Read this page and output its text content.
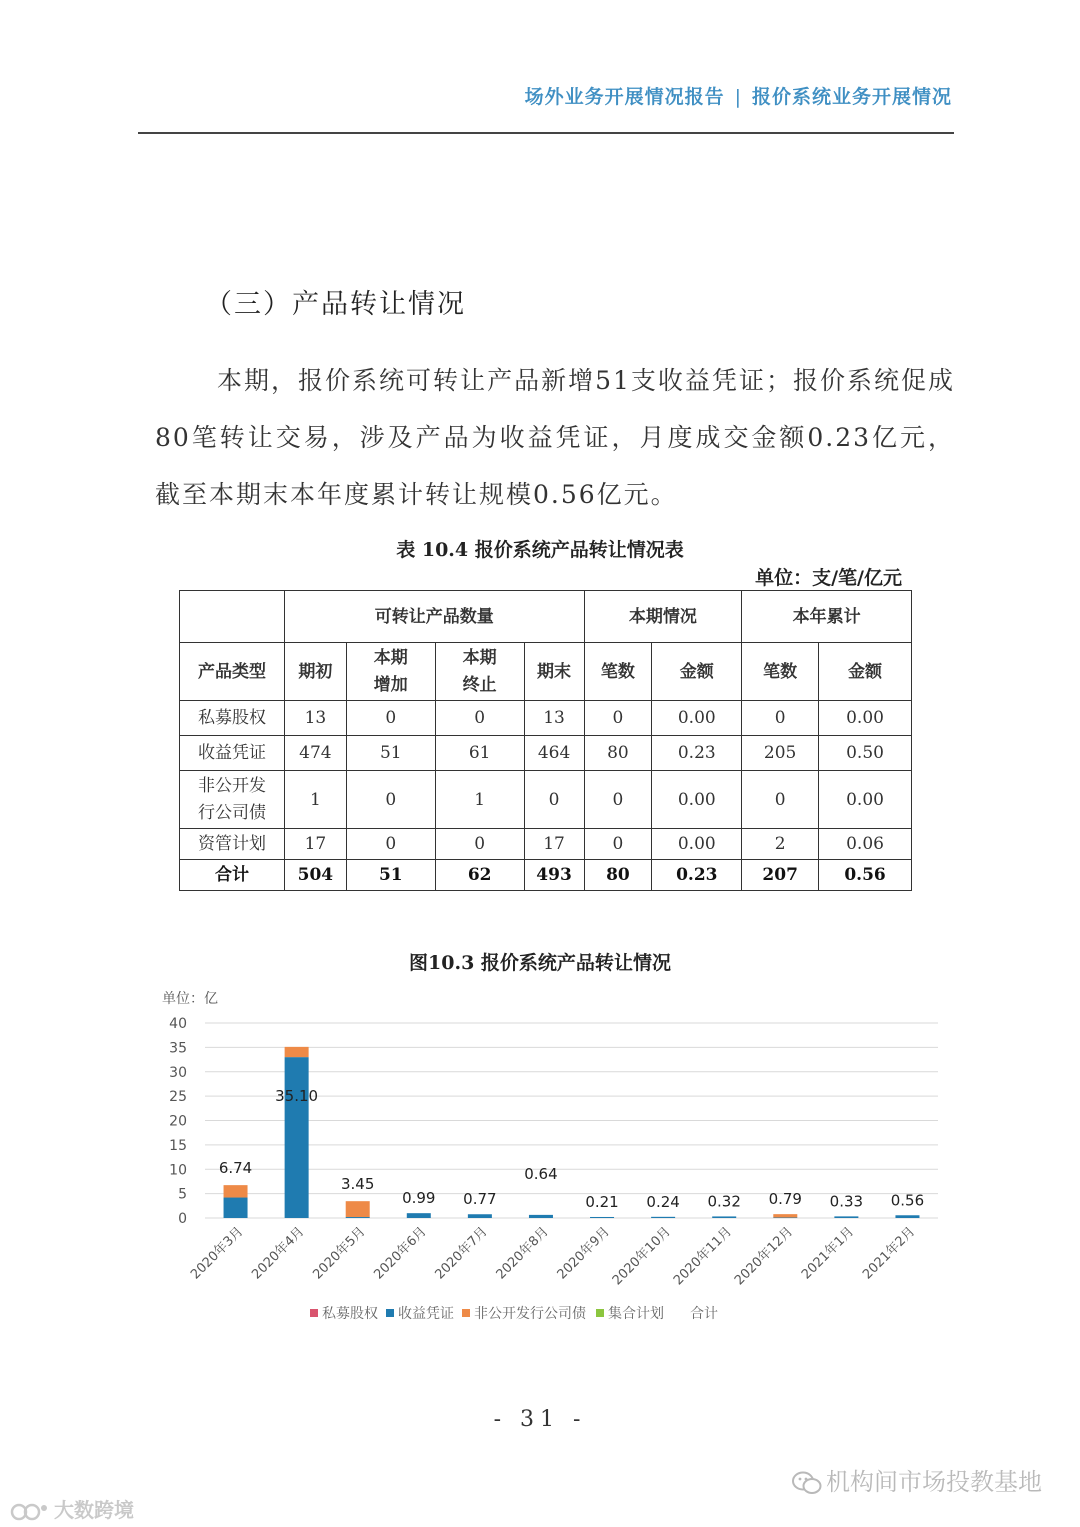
场外业务开展情况报告 | 报价系统业务开展情况
（三）产品转让情况
本期，报价系统可转让产品新增51支收益凭证；报价系统促成80笔转让交易，涉及产品为收益凭证，月度成交金额0.23亿元，截至本期末本年度累计转让规模0.56亿元。
表 10.4 报价系统产品转让情况表
单位：支/笔/亿元
	可转让产品数量				本期情况		本年累计	
产品类型	期初	本期增加	本期终止	期末	笔数	金额	笔数	金额
私募股权	13	0	0	13	0	0.00	0	0.00
收益凭证	474	51	61	464	80	0.23	205	0.50

非公开发行公司债	1	0	1	0	0	0.00	0	0.00
资管计划	17	0	0	17	0	0.00	2	0.06
合计	504	51	62	493	80	0.23	207	0.56
图10.3 报价系统产品转让情况
单位：亿
0
5
10
15
20
25
30
35
40
6.74
2020年3月
35.10
2020年4月
3.45
2020年5月
0.99
2020年6月
0.77
2020年7月
0.64
2020年8月
0.21
2020年9月
0.24
2020年10月
0.32
2020年11月
0.79
2020年12月
0.33
2021年1月
0.56
2021年2月
私募股权 收益凭证 非公开发行公司债 集合计划 合计
- 31 -
机构间市场投教基地
大数跨境
